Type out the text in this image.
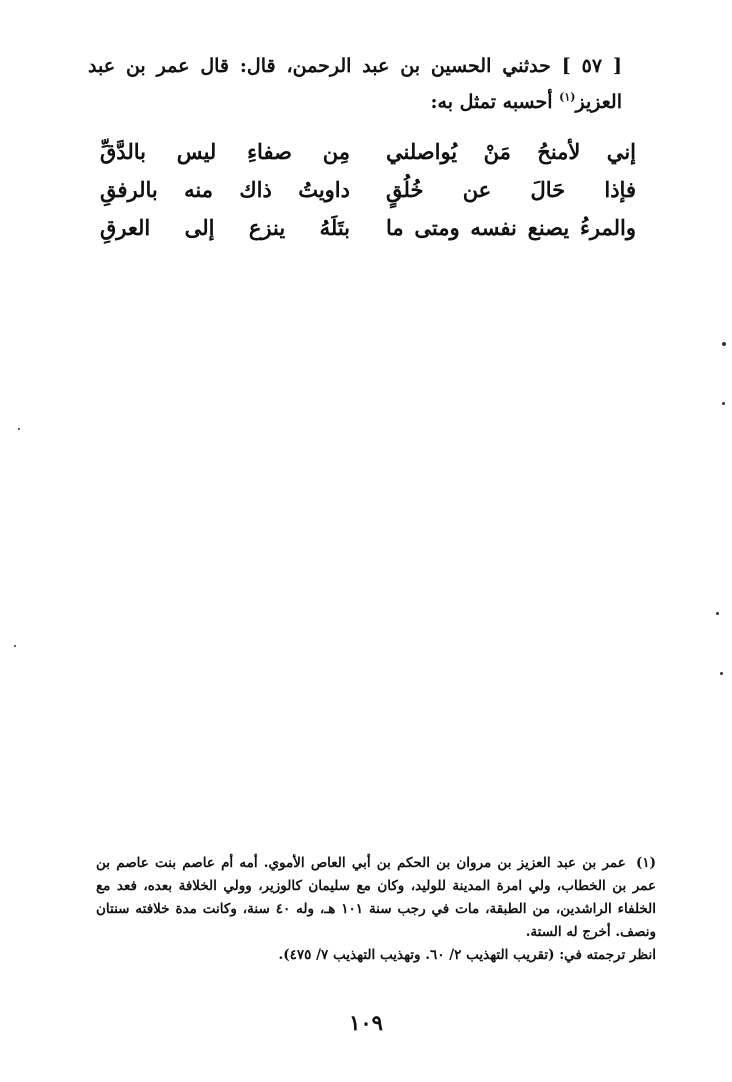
[ ٥٧ ] حدثني الحسين بن عبد الرحمن، قال: قال عمر بن عبد العزيز$^{(١)}$ أحسبه تمثل به:

إني لأمنحُ مَنْ يُواصلني
مِن صفاءِ ليس بالدَّقِّ
فإذا حَالَ عن خُلُقٍ
داويتُ ذاك منه بالرفقِ
والمرءُ يصنع نفسه ومتى ما
بتَلَهُ ينزع إلى العرقِ
(١) عمر بن عبد العزيز بن مروان بن الحكم بن أبي العاص الأموي. أمه أم عاصم بنت عاصم بن عمر بن الخطاب، ولي امرة المدينة للوليد، وكان مع سليمان كالوزير، وولي الخلافة بعده، فعد مع الخلفاء الراشدين، من الطبقة، مات في رجب سنة ١٠١ هـ، وله ٤٠ سنة، وكانت مدة خلافته سنتان ونصف. أخرج له الستة.
انظر ترجمته في: (تقريب التهذيب ٢/ ٦٠. وتهذيب التهذيب ٧/ ٤٧٥).
١٠٩
